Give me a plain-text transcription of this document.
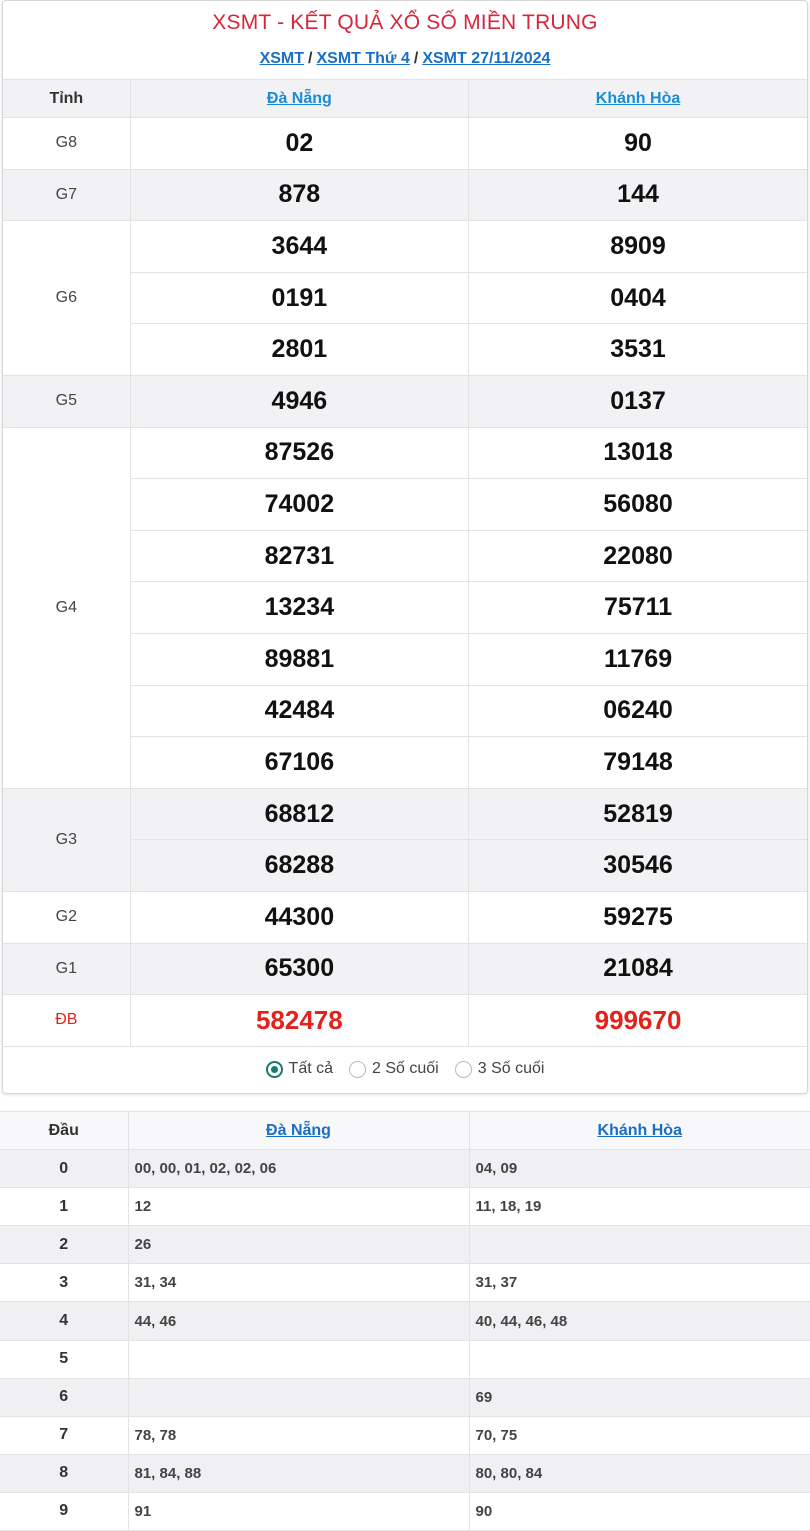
XSMT - KẾT QUẢ XỔ SỐ MIỀN TRUNG
XSMT / XSMT Thứ 4 / XSMT 27/11/2024
Tỉnh	Đà Nẵng	Khánh Hòa
G8	02	90
G7	878	144
G6	3644	8909
	0191	0404
	2801	3531
G5	4946	0137
G4	87526	13018
	74002	56080
	82731	22080
	13234	75711
	89881	11769
	42484	06240
	67106	79148
G3	68812	52819
	68288	30546
G2	44300	59275
G1	65300	21084
ĐB	582478	999670
Tất cả 2 Số cuối 3 Số cuối
Đầu	Đà Nẵng	Khánh Hòa
0	00, 00, 01, 02, 02, 06	04, 09
1	12	11, 18, 19
2	26	
3	31, 34	31, 37
4	44, 46	40, 44, 46, 48
5		
6		69
7	78, 78	70, 75
8	81, 84, 88	80, 80, 84
9	91	90
